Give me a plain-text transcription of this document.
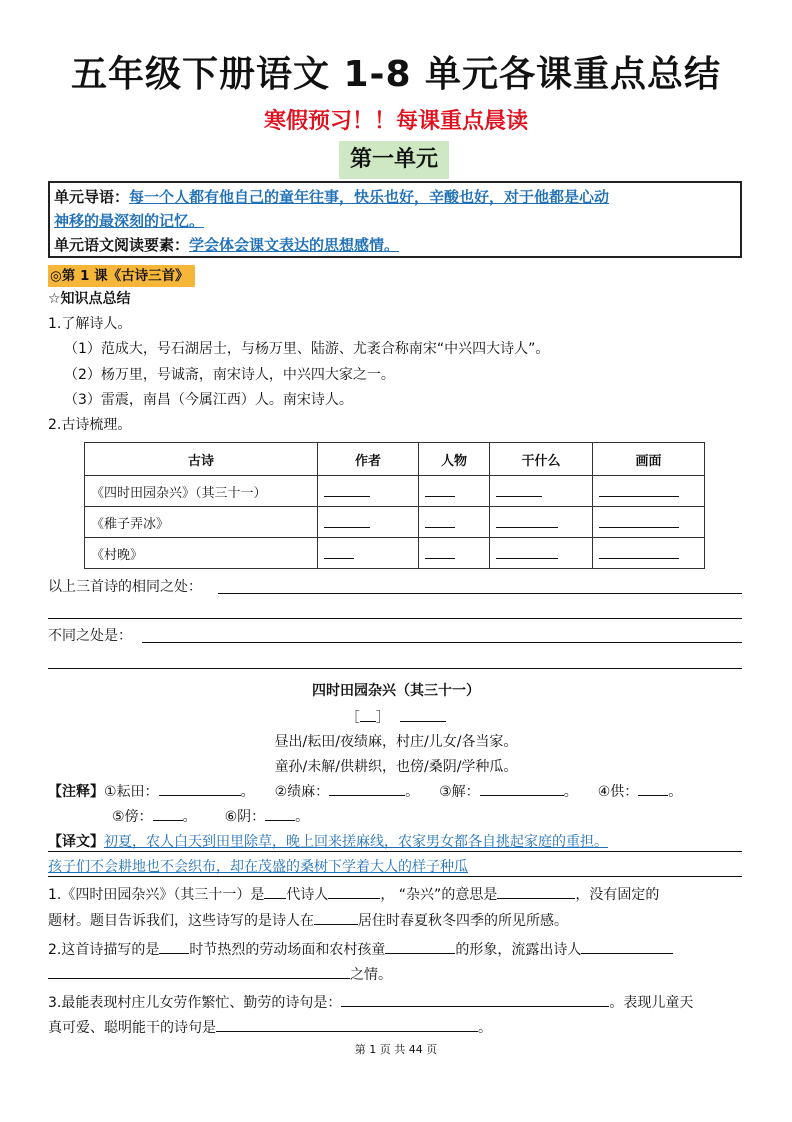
五年级下册语文 1-8 单元各课重点总结
寒假预习！！每课重点晨读
第一单元
单元导语：每一个人都有他自己的童年往事，快乐也好，辛酸也好，对于他都是心动
神移的最深刻的记忆。
单元语文阅读要素：学会体会课文表达的思想感情。
◎第 1 课《古诗三首》
☆知识点总结
1.了解诗人。
（1）范成大，号石湖居士，与杨万里、陆游、尤袤合称南宋“中兴四大诗人”。
（2）杨万里，号诚斋，南宋诗人，中兴四大家之一。
（3）雷震，南昌（今属江西）人。南宋诗人。
2.古诗梳理。
古诗	作者	人物	干什么	画面
《四时田园杂兴》（其三十一）				
《稚子弄冰》				
《村晚》				
以上三首诗的相同之处：
不同之处是：
四时田园杂兴（其三十一）
［ ］
昼出/耘田/夜绩麻，村庄/儿女/各当家。
童孙/未解/供耕织，也傍/桑阴/学种瓜。
【注释】①耘田：	。 ②绩麻：	。 ③解：	。 ④供： 。
⑤傍： 。 ⑥阴： 。
【译文】初夏，农人白天到田里除草，晚上回来搓麻线，农家男女都各自挑起家庭的重担。
孩子们不会耕地也不会织布，却在茂盛的桑树下学着大人的样子种瓜
1.《四时田园杂兴》（其三十一）是 代诗人	， “杂兴”的意思是	，没有固定的
题材。题目告诉我们，这些诗写的是诗人在	居住时春夏秋冬四季的所见所感。
2.这首诗描写的是 时节热烈的劳动场面和农村孩童	的形象，流露出诗人
之情。
3.最能表现村庄儿女劳作繁忙、勤劳的诗句是：	。表现儿童天
真可爱、聪明能干的诗句是	。
第 1 页 共 44 页
